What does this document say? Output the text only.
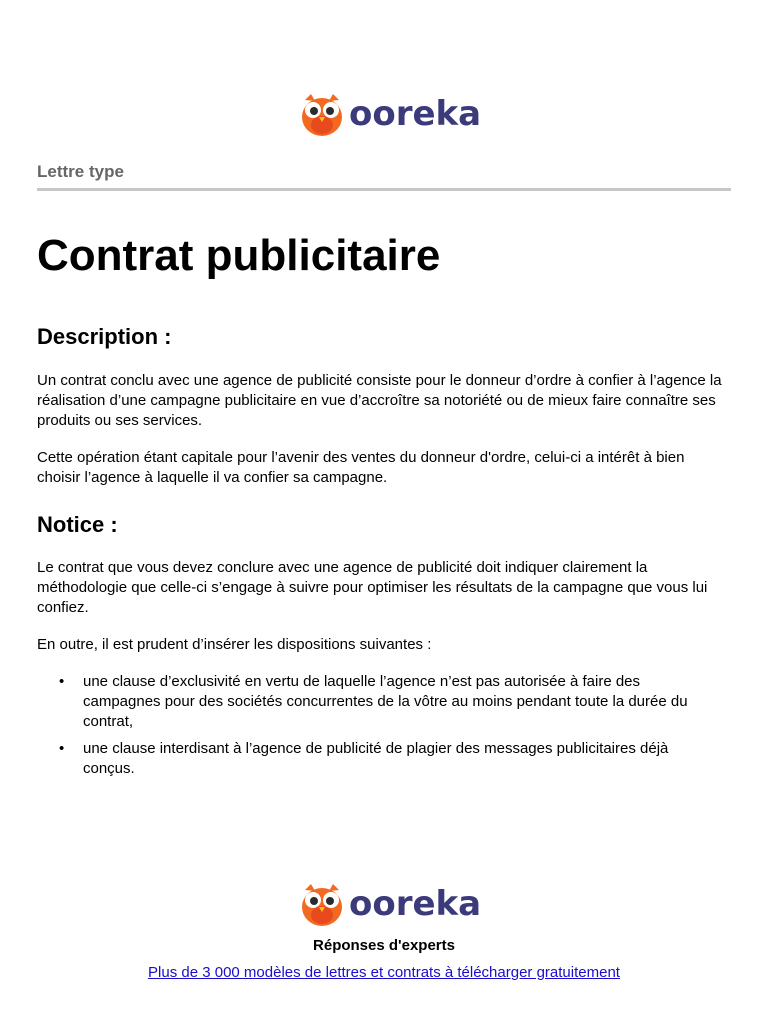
ooreka
Lettre type
Contrat publicitaire
Description :

Un contrat conclu avec une agence de publicité consiste pour le donneur d’ordre à confier à l’agence la réalisation d’une campagne publicitaire en vue d’accroître sa notoriété ou de mieux faire connaître ses produits ou ses services.

Cette opération étant capitale pour l’avenir des ventes du donneur d'ordre, celui-ci a intérêt à bien choisir l’agence à laquelle il va confier sa campagne.

Notice :

Le contrat que vous devez conclure avec une agence de publicité doit indiquer clairement la méthodologie que celle-ci s’engage à suivre pour optimiser les résultats de la campagne que vous lui confiez.

En outre, il est prudent d’insérer les dispositions suivantes :

• une clause d’exclusivité en vertu de laquelle l’agence n’est pas autorisée à faire des campagnes pour des sociétés concurrentes de la vôtre au moins pendant toute la durée du contrat,
• une clause interdisant à l’agence de publicité de plagier des messages publicitaires déjà conçus.
ooreka
Réponses d'experts
Plus de 3 000 modèles de lettres et contrats à télécharger gratuitement
